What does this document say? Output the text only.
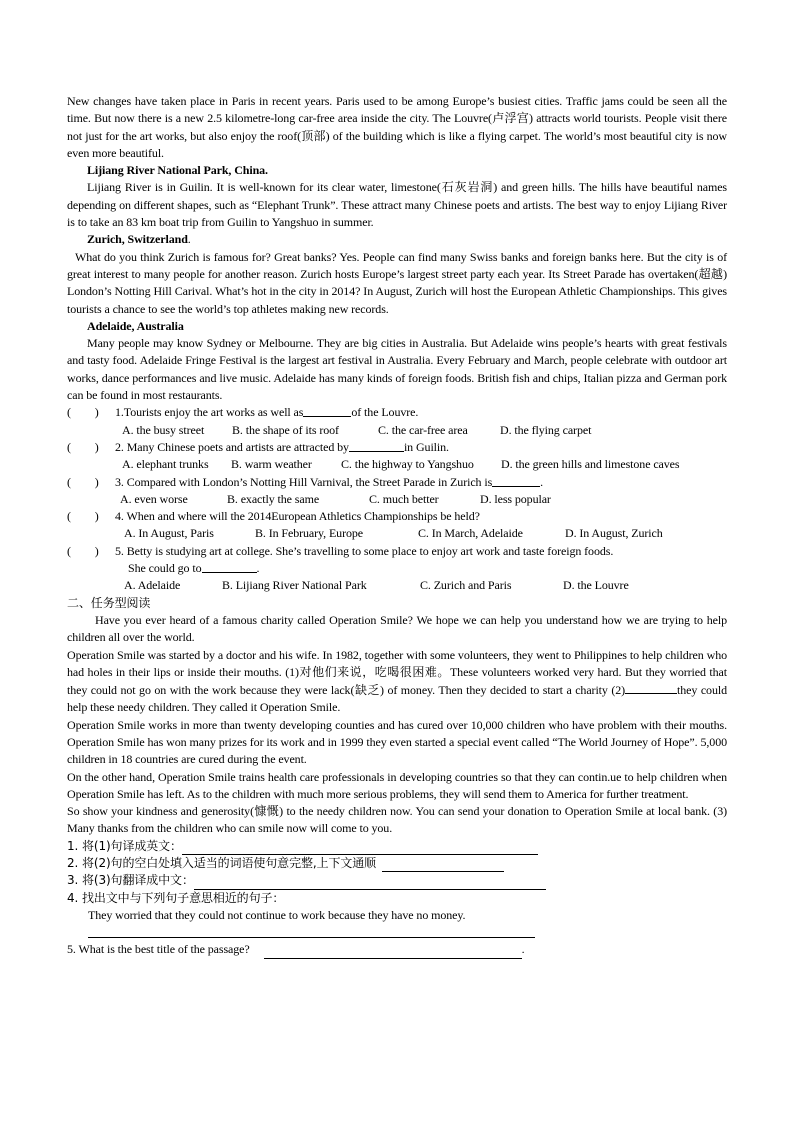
New changes have taken place in Paris in recent years. Paris used to be among Europe’s busiest cities. Traffic jams could be seen all the time. But now there is a new 2.5 kilometre-long car-free area inside the city. The Louvre(卢浮宫) attracts world tourists. People visit there not just for the art works, but also enjoy the roof(顶部) of the building which is like a flying carpet. The world’s most beautiful city is now even more beautiful.

Lijiang River National Park, China.

Lijiang River is in Guilin. It is well-known for its clear water, limestone(石灰岩洞) and green hills. The hills have beautiful names depending on different shapes, such as “Elephant Trunk”. These attract many Chinese poets and artists. The best way to enjoy Lijiang River is to take an 83 km boat trip from Guilin to Yangshuo in summer.

Zurich, Switzerland.

What do you think Zurich is famous for? Great banks? Yes. People can find many Swiss banks and foreign banks here. But the city is of great interest to many people for another reason. Zurich hosts Europe’s largest street party each year. Its Street Parade has overtaken(超越) London’s Notting Hill Carival. What’s hot in the city in 2014? In August, Zurich will host the European Athletic Championships. This gives tourists a chance to see the world’s top athletes making new records.

Adelaide, Australia

Many people may know Sydney or Melbourne. They are big cities in Australia. But Adelaide wins people’s hearts with great festivals and tasty food. Adelaide Fringe Festival is the largest art festival in Australia. Every February and March, people celebrate with outdoor art works, dance performances and live music. Adelaide has many kinds of foreign foods. British fish and chips, Italian pizza and German pork can be found in most restaurants.

(　　)	1.Tourists enjoy the art works as well as	of the Louvre.
A. the busy street	B. the shape of its roof	C. the car-free area	D. the flying carpet
(　　)	2. Many Chinese poets and artists are attracted by	in Guilin.
A. elephant trunks	B. warm weather	C. the highway to Yangshuo	D. the green hills and limestone caves
(　　)	3. Compared with London’s Notting Hill Varnival, the Street Parade in Zurich is	.
A. even worse	B. exactly the same	C. much better	D. less popular
(　　)	4. When and where will the 2014European Athletics Championships be held?
A. In August, Paris	B. In February, Europe	C. In March, Adelaide	D. In August, Zurich
(　　)	5. Betty is studying art at college. She’s travelling to some place to enjoy art work and taste foreign foods.
She could go to	.
A. Adelaide	B. Lijiang River National Park	C. Zurich and Paris	D. the Louvre

二、任务型阅读

Have you ever heard of a famous charity called Operation Smile? We hope we can help you understand how we are trying to help children all over the world.

Operation Smile was started by a doctor and his wife. In 1982, together with some volunteers, they went to Philippines to help children who had holes in their lips or inside their mouths. (1)对他们来说，吃喝很困难。These volunteers worked very hard. But they worried that they could not go on with the work because they were lack(缺乏) of money. Then they decided to start a charity (2)	they could help these needy children. They called it Operation Smile.

Operation Smile works in more than twenty developing counties and has cured over 10,000 children who have problem with their mouths. Operation Smile has won many prizes for its work and in 1999 they even started a special event called “The World Journey of Hope”. 5,000 children in 18 countries are cured during the event.

On the other hand, Operation Smile trains health care professionals in developing countries so that they can contin.ue to help children when Operation Smile has left. As to the children with much more serious problems, they will send them to America for further treatment.

So show your kindness and generosity(慷慨) to the needy children now. You can send your donation to Operation Smile at local bank. (3) Many thanks from the children who can smile now will come to you.

1. 将(1)句译成英文：
2. 将(2)句的空白处填入适当的词语使句意完整,上下文通顺
3. 将(3)句翻译成中文：
4. 找出文中与下列句子意思相近的句子：

They worried that they could not continue to work because they have no money.

5. What is the best title of the passage?	.
